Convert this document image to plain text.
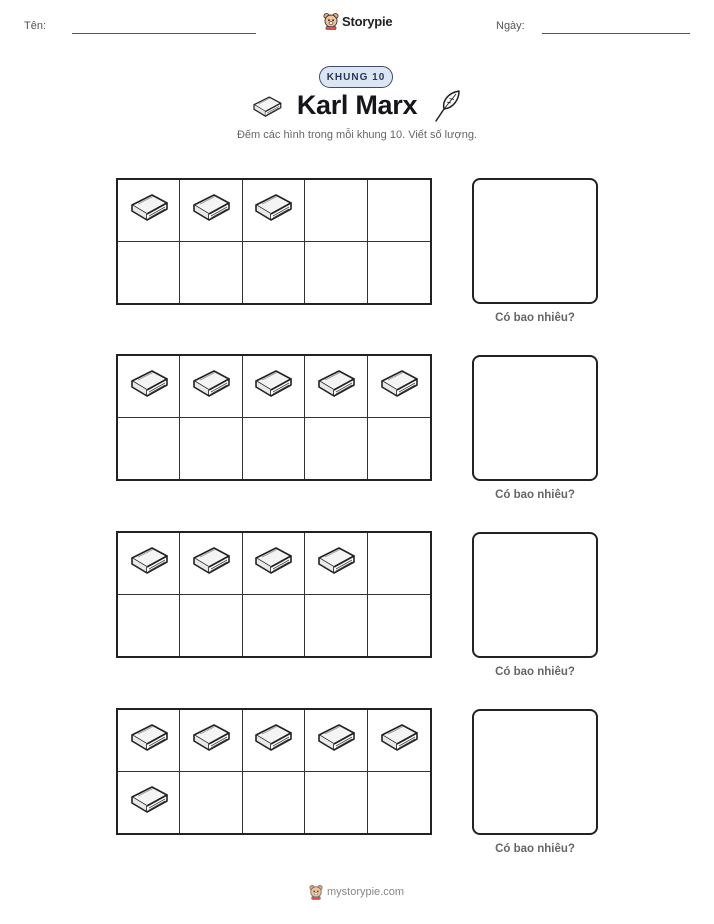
Tên:	Storypie	Ngày:
KHUNG 10
Karl Marx
Đếm các hình trong mỗi khung 10. Viết số lượng.
Có bao nhiêu?
Có bao nhiêu?
Có bao nhiêu?
Có bao nhiêu?
mystorypie.com
